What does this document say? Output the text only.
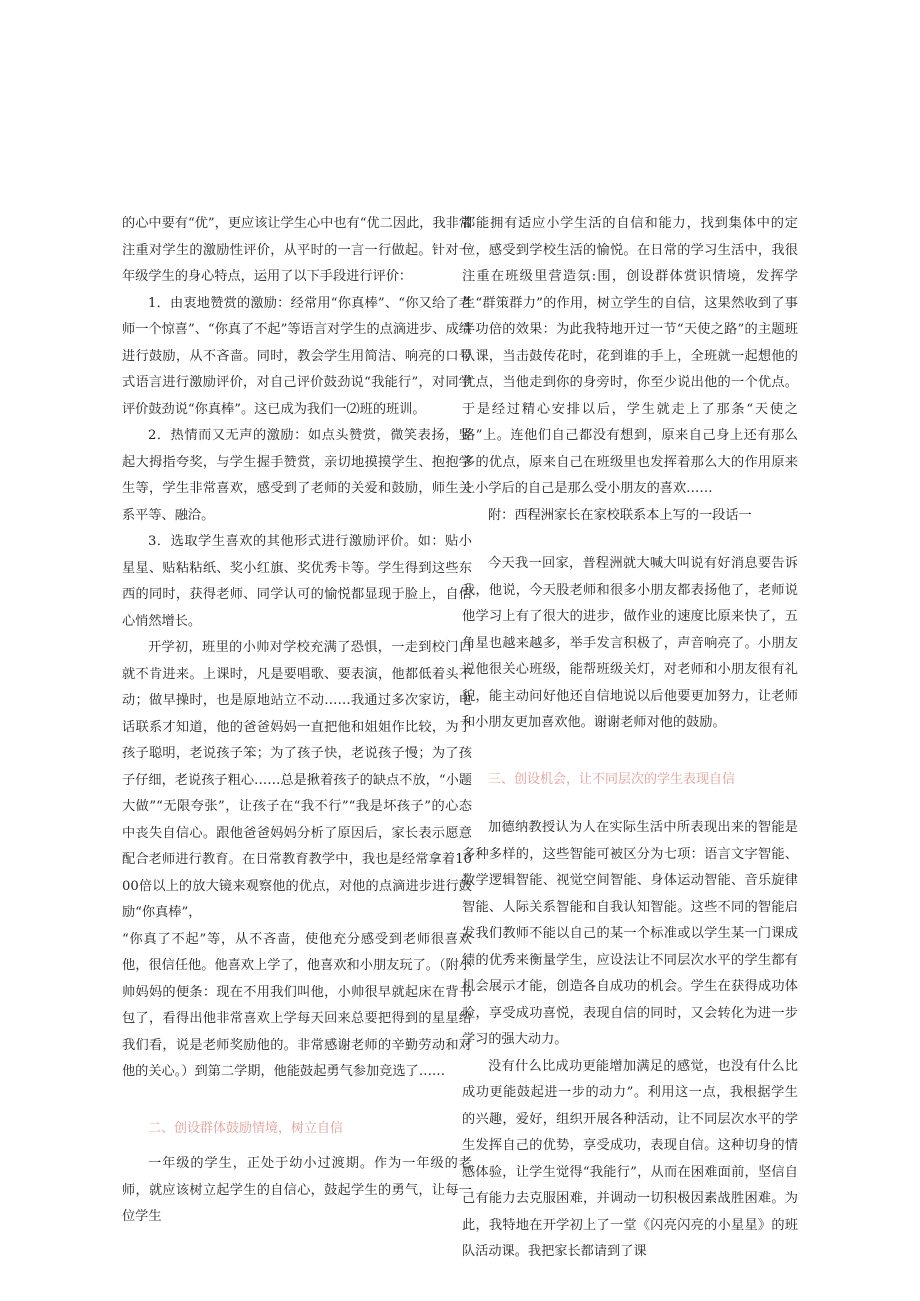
的心中要有“优”，更应该让学生心中也有“优二因此，我非常注重对学生的激励性评价，从平时的一言一行做起。针对一年级学生的身心特点，运用了以下手段进行评价：

1．由衷地赞赏的激励：经常用“你真棒”、“你又给了老师一个惊喜”、“你真了不起”等语言对学生的点滴进步、成绩进行鼓励，从不吝啬。同时，教会学生用简洁、响亮的口号式语言进行激励评价，对自己评价鼓劲说“我能行”，对同学评价鼓劲说“你真棒”。这已成为我们一⑵班的班训。

2．热情而又无声的激励：如点头赞赏，微笑表扬，竖起大拇指夸奖，与学生握手赞赏，亲切地摸摸学生、抱抱学生等，学生非常喜欢，感受到了老师的关爱和鼓励，师生关系平等、融洽。

3．选取学生喜欢的其他形式进行激励评价。如：贴小星星、贴粘粘纸、奖小红旗、奖优秀卡等。学生得到这些东西的同时，获得老师、同学认可的愉悦都显现于脸上，自信心悄然增长。

开学初，班里的小帅对学校充满了恐惧，一走到校门口就不肯进来。上课时，凡是要唱歌、要表演，他都低着头不动；做早操时，也是原地站立不动……我通过多次家访，电话联系才知道，他的爸爸妈妈一直把他和姐姐作比较，为了孩子聪明，老说孩子笨；为了孩子快，老说孩子慢；为了孩子仔细，老说孩子粗心……总是揪着孩子的缺点不放，“小题大做”“无限夸张”，让孩子在“我不行”“我是坏孩子”的心态中丧失自信心。跟他爸爸妈妈分析了原因后，家长表示愿意配合老师进行教育。在日常教育教学中，我也是经常拿着1000倍以上的放大镜来观察他的优点，对他的点滴进步进行鼓励“你真棒”，

“你真了不起”等，从不吝啬，使他充分感受到老师很喜欢他，很信任他。他喜欢上学了，他喜欢和小朋友玩了。（附小帅妈妈的便条：现在不用我们叫他，小帅很早就起床在背书包了，看得出他非常喜欢上学每天回来总要把得到的星星给我们看，说是老师奖励他的。非常感谢老师的辛勤劳动和对他的关心。）到第二学期，他能鼓起勇气参加竞选了……

二、创设群体鼓励情境，树立自信

一年级的学生，正处于幼小过渡期。作为一年级的老师，就应该树立起学生的自信心，鼓起学生的勇气，让每一位学生

都能拥有适应小学生活的自信和能力，找到集体中的定位，感受到学校生活的愉悦。在日常的学习生活中，我很注重在班级里营造氛:围，创设群体赏识情境，发挥学生“群策群力”的作用，树立学生的自信，这果然收到了事半功倍的效果：为此我特地开过一节“天使之路”的主题班队课，当击鼓传花时，花到谁的手上，全班就一起想他的优点，当他走到你的身旁时，你至少说出他的一个优点。于是经过精心安排以后，学生就走上了那条“天使之路”上。连他们自己都没有想到，原来自己身上还有那么多的优点，原来自己在班级里也发挥着那么大的作用原来上小学后的自己是那么受小朋友的喜欢……

附：西程洲家长在家校联系本上写的一段话一

今天我一回家，普程洲就大喊大叫说有好消息要告诉我，他说，今天股老师和很多小朋友都表扬他了，老师说他学习上有了很大的进步，做作业的速度比原来快了，五角星也越来越多，举手发言积极了，声音响亮了。小朋友说他很关心班级，能帮班级关灯，对老师和小朋友很有礼貌，能主动问好他还自信地说以后他要更加努力，让老师和小朋友更加喜欢他。谢谢老师对他的鼓励。

三、创设机会，让不同层次的学生表现自信

加德纳教授认为人在实际生活中所表现出来的智能是多种多样的，这些智能可被区分为七项：语言文字智能、数学逻辑智能、视觉空间智能、身体运动智能、音乐旋律智能、人际关系智能和自我认知智能。这些不同的智能启发我们教师不能以自己的某一个标准或以学生某一门课成绩的优秀来衡量学生，应设法让不同层次水平的学生都有机会展示才能，创造各自成功的机会。学生在获得成功体验，享受成功喜悦，表现自信的同时，又会转化为进一步学习的强大动力。

没有什么比成功更能增加满足的感觉，也没有什么比成功更能鼓起进一步的动力”。利用这一点，我根据学生的兴趣，爱好，组织开展各种活动，让不同层次水平的学生发挥自己的优势，享受成功，表现自信。这种切身的情感体验，让学生觉得“我能行”，从而在困难面前，坚信自己有能力去克服困难，并调动一切积极因素战胜困难。为此，我特地在开学初上了一堂《闪亮闪亮的小星星》的班队活动课。我把家长都请到了课
